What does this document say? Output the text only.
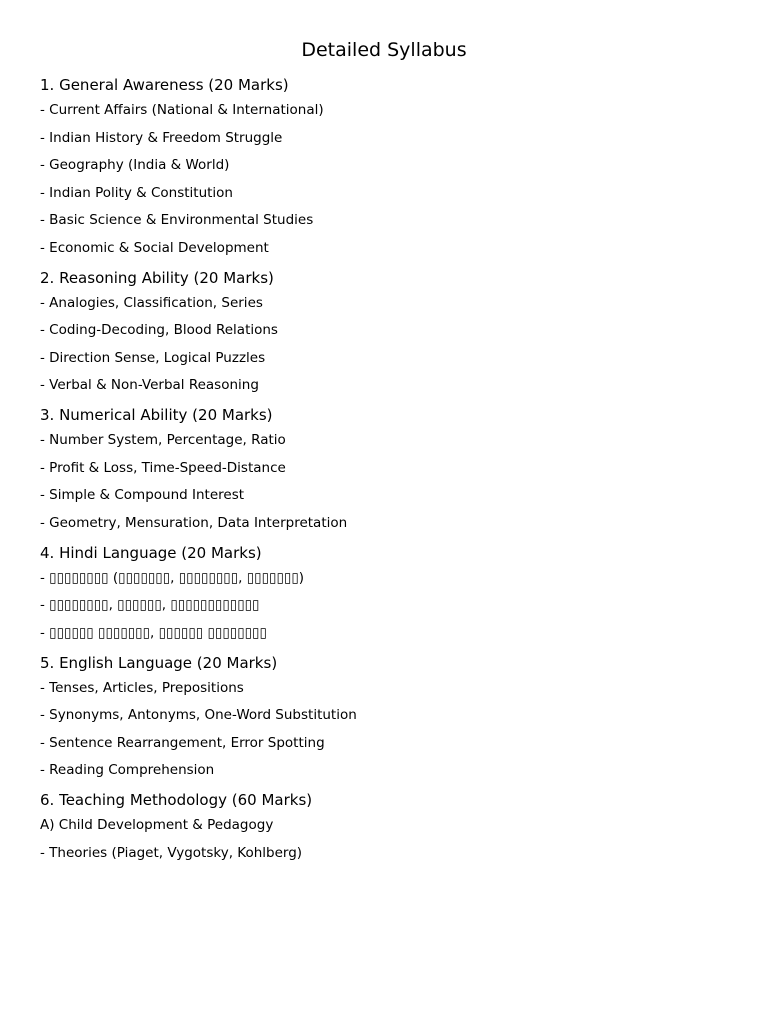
Detailed Syllabus
1. General Awareness (20 Marks)
- Current Affairs (National & International)
- Indian History & Freedom Struggle
- Geography (India & World)
- Indian Polity & Constitution
- Basic Science & Environmental Studies
- Economic & Social Development
2. Reasoning Ability (20 Marks)
- Analogies, Classification, Series
- Coding-Decoding, Blood Relations
- Direction Sense, Logical Puzzles
- Verbal & Non-Verbal Reasoning
3. Numerical Ability (20 Marks)
- Number System, Percentage, Ratio
- Profit & Loss, Time-Speed-Distance
- Simple & Compound Interest
- Geometry, Mensuration, Data Interpretation
4. Hindi Language (20 Marks)
- ▯▯▯▯▯▯▯▯ (▯▯▯▯▯▯▯, ▯▯▯▯▯▯▯▯, ▯▯▯▯▯▯▯)
- ▯▯▯▯▯▯▯▯, ▯▯▯▯▯▯, ▯▯▯▯▯▯▯▯▯▯▯▯
- ▯▯▯▯▯▯ ▯▯▯▯▯▯▯, ▯▯▯▯▯▯ ▯▯▯▯▯▯▯▯
5. English Language (20 Marks)
- Tenses, Articles, Prepositions
- Synonyms, Antonyms, One-Word Substitution
- Sentence Rearrangement, Error Spotting
- Reading Comprehension
6. Teaching Methodology (60 Marks)
A) Child Development & Pedagogy
- Theories (Piaget, Vygotsky, Kohlberg)
